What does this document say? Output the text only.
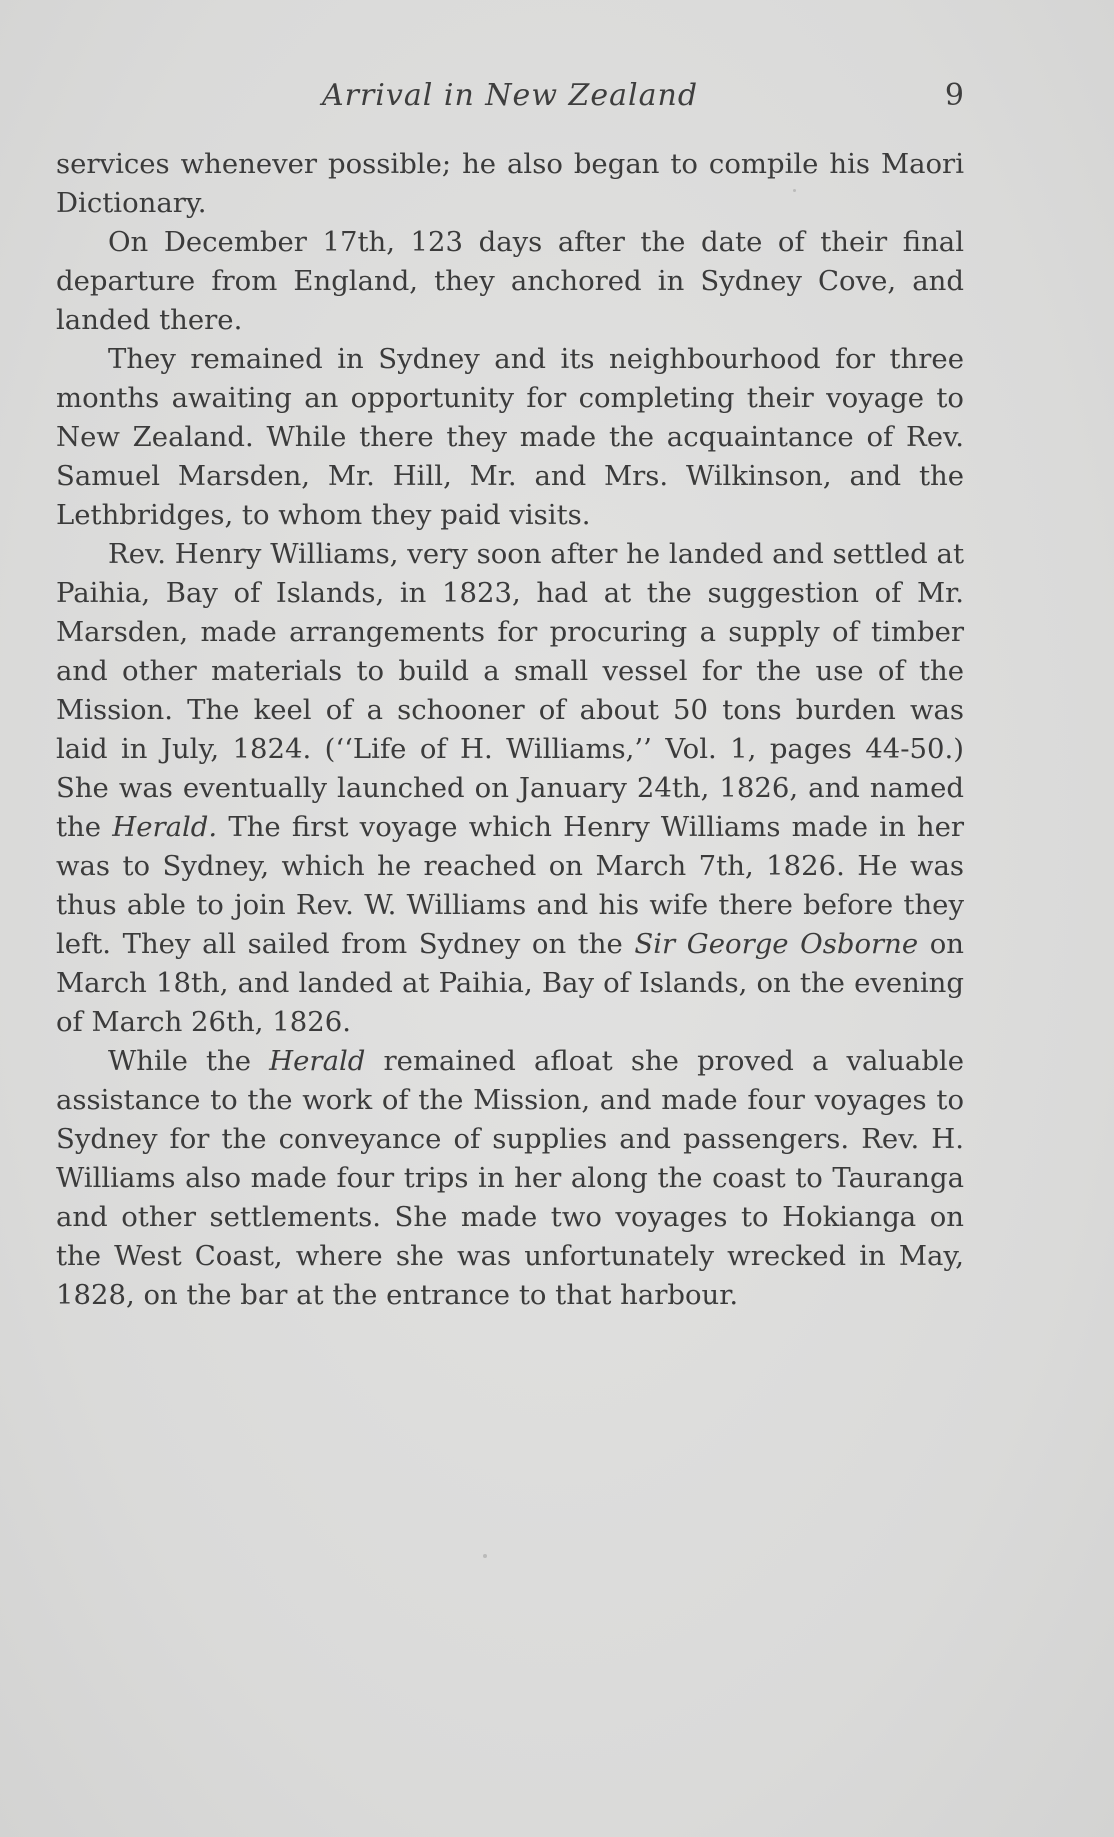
Arrival in New Zealand	9

services whenever possible; he also began to compile his Maori Dictionary.

On December 17th, 123 days after the date of their final departure from England, they anchored in Sydney Cove, and landed there.

They remained in Sydney and its neighbourhood for three months awaiting an opportunity for completing their voyage to New Zealand. While there they made the acquaintance of Rev. Samuel Marsden, Mr. Hill, Mr. and Mrs. Wilkinson, and the Lethbridges, to whom they paid visits.

Rev. Henry Williams, very soon after he landed and settled at Paihia, Bay of Islands, in 1823, had at the suggestion of Mr. Marsden, made arrangements for procuring a supply of timber and other materials to build a small vessel for the use of the Mission. The keel of a schooner of about 50 tons burden was laid in July, 1824. (‘‘Life of H. Williams,’’ Vol. 1, pages 44-50.) She was eventually launched on January 24th, 1826, and named the Herald. The first voyage which Henry Williams made in her was to Sydney, which he reached on March 7th, 1826. He was thus able to join Rev. W. Williams and his wife there before they left. They all sailed from Sydney on the Sir George Osborne on March 18th, and landed at Paihia, Bay of Islands, on the evening of March 26th, 1826.

While the Herald remained afloat she proved a valuable assistance to the work of the Mission, and made four voyages to Sydney for the conveyance of supplies and passengers. Rev. H. Williams also made four trips in her along the coast to Tauranga and other settlements. She made two voyages to Hokianga on the West Coast, where she was unfortunately wrecked in May, 1828, on the bar at the entrance to that harbour.
